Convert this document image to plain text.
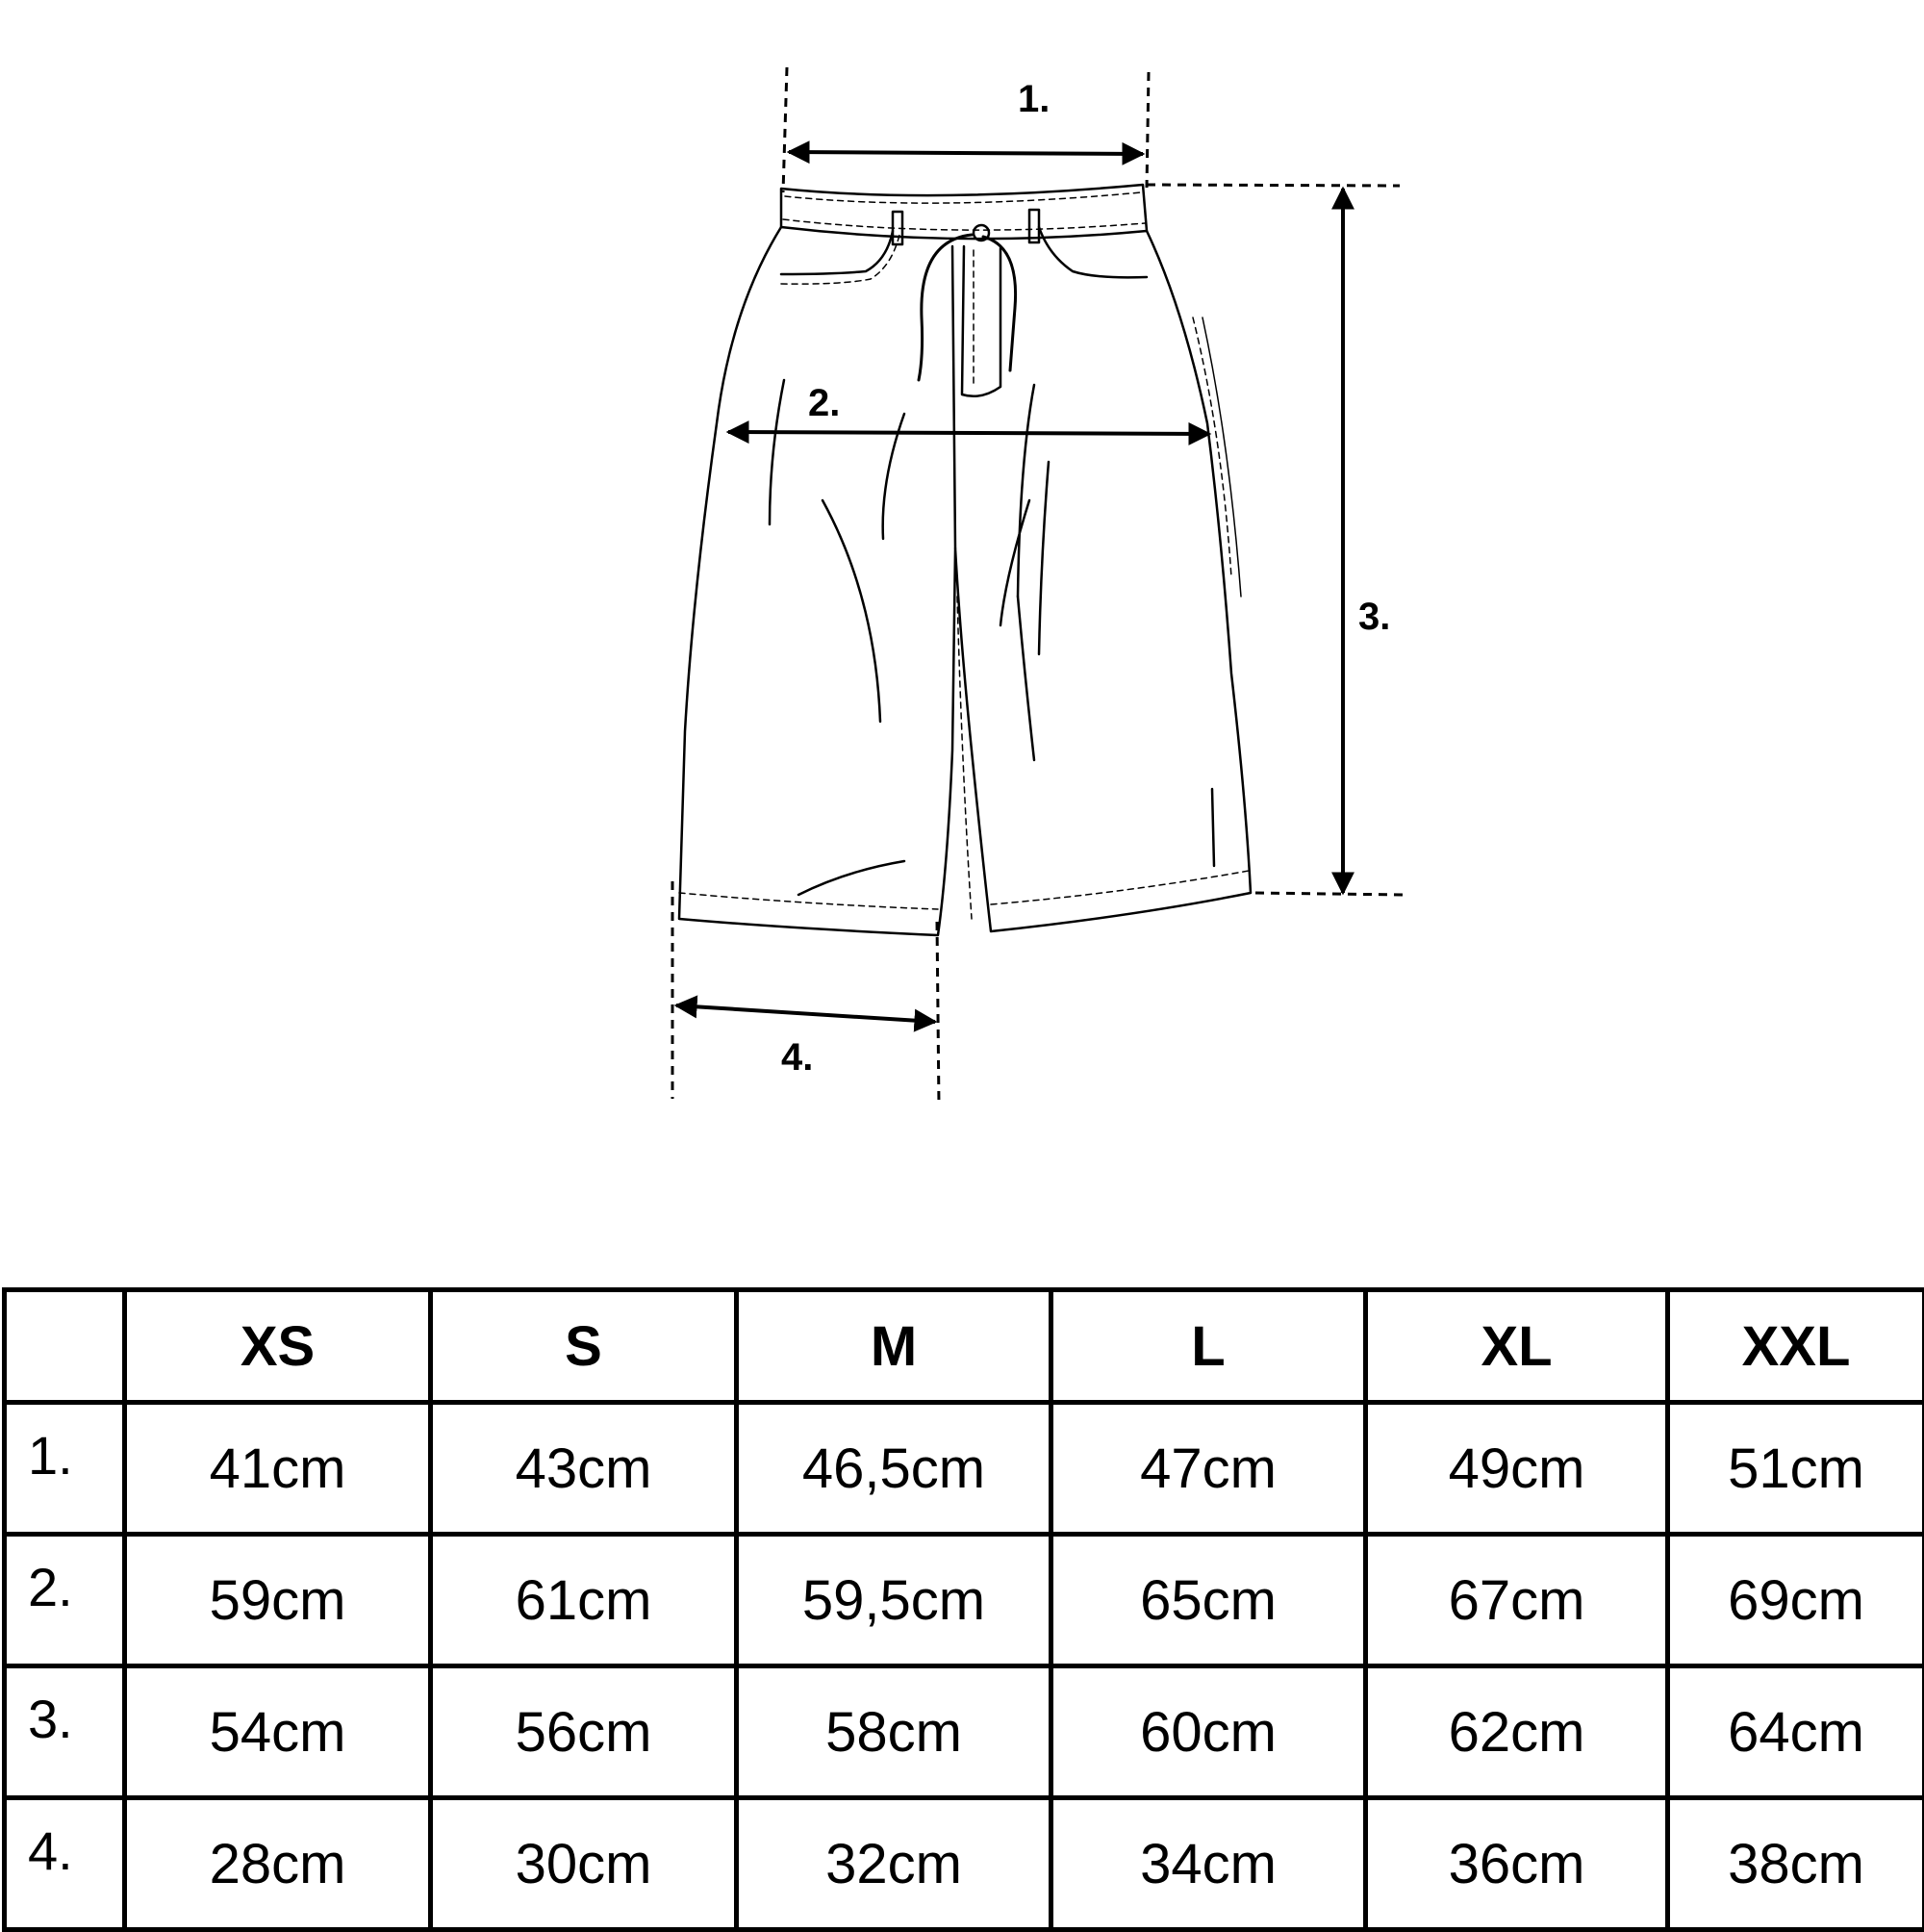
1.
2.
3.
4.
	XS	S	M	L	XL	XXL
1.	41cm	43cm	46,5cm	47cm	49cm	51cm
2.	59cm	61cm	59,5cm	65cm	67cm	69cm
3.	54cm	56cm	58cm	60cm	62cm	64cm
4.	28cm	30cm	32cm	34cm	36cm	38cm
